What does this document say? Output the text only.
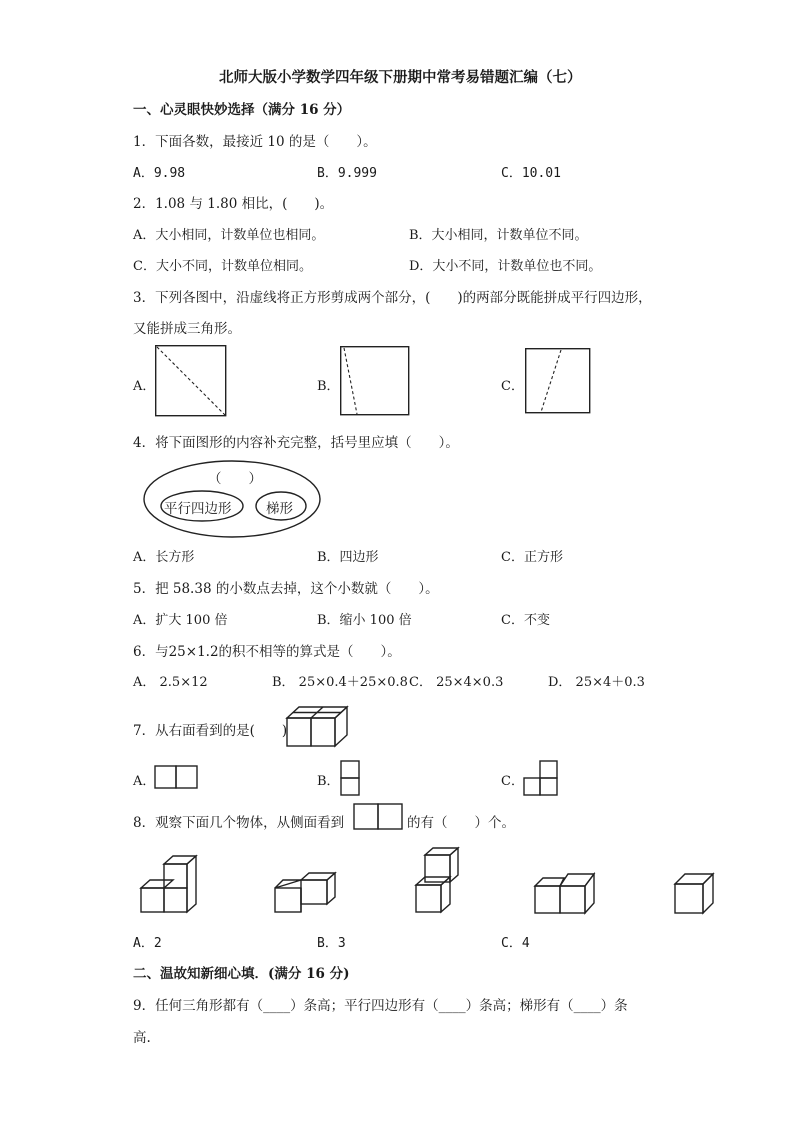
北师大版小学数学四年级下册期中常考易错题汇编（七）
一、心灵眼快妙选择（满分 16 分）
1．下面各数，最接近 10 的是（　　）。
A．9.98	B．9.999	C．10.01
2．1.08 与 1.80 相比，(　　)。
A．大小相同，计数单位也相同。	B．大小相同，计数单位不同。
C．大小不同，计数单位相同。	D．大小不同，计数单位也不同。
3．下列各图中，沿虚线将正方形剪成两个部分，(　　)的两部分既能拼成平行四边形，
又能拼成三角形。
A．	B．	C．
4．将下面图形的内容补充完整，括号里应填（　　）。
（　　）
平行四边形	梯形
A．长方形	B．四边形	C．正方形
5．把 58.38 的小数点去掉，这个小数就（　　）。
A．扩大 100 倍	B．缩小 100 倍	C．不变
6．与25×1.2的积不相等的算式是（　　）。
A． 2.5×12	B． 25×0.4＋25×0.8 C． 25×4×0.3	D． 25×4＋0.3
7．从右面看到的是(　　)
A．	B．	C．
8．观察下面几个物体，从侧面看到	的有（　　）个。
A．2	B．3	C．4
二、温故知新细心填．(满分 16 分)
9．任何三角形都有（____）条高；平行四边形有（____）条高；梯形有（____）条
高.
